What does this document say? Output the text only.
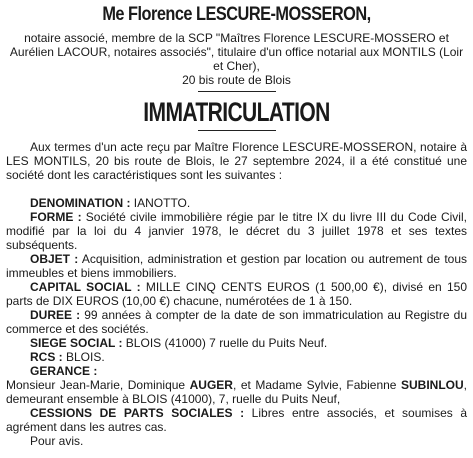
Me Florence LESCURE-MOSSERON,

notaire associé, membre de la SCP "Maîtres Florence LESCURE-MOSSERO et Aurélien LACOUR, notaires associés", titulaire d'un office notarial aux MONTILS (Loir et Cher),
20 bis route de Blois

IMMATRICULATION

Aux termes d'un acte reçu par Maître Florence LESCURE-MOSSERON, notaire à LES MONTILS, 20 bis route de Blois, le 27 septembre 2024, il a été constitué une société dont les caractéristiques sont les suivantes :

DENOMINATION : IANOTTO.

FORME : Société civile immobilière régie par le titre IX du livre III du Code Civil, modifié par la loi du 4 janvier 1978, le décret du 3 juillet 1978 et ses textes subséquents.

OBJET : Acquisition, administration et gestion par location ou autrement de tous immeubles et biens immobiliers.

CAPITAL SOCIAL : MILLE CINQ CENTS EUROS (1 500,00 €), divisé en 150 parts de DIX EUROS (10,00 €) chacune, numérotées de 1 à 150.

DUREE : 99 années à compter de la date de son immatriculation au Registre du commerce et des sociétés.

SIEGE SOCIAL : BLOIS (41000) 7 ruelle du Puits Neuf.

RCS : BLOIS.

GERANCE :

Monsieur Jean-Marie, Dominique AUGER, et Madame Sylvie, Fabienne SUBINLOU, demeurant ensemble à BLOIS (41000), 7, ruelle du Puits Neuf,

CESSIONS DE PARTS SOCIALES : Libres entre associés, et soumises à agrément dans les autres cas.

Pour avis.
